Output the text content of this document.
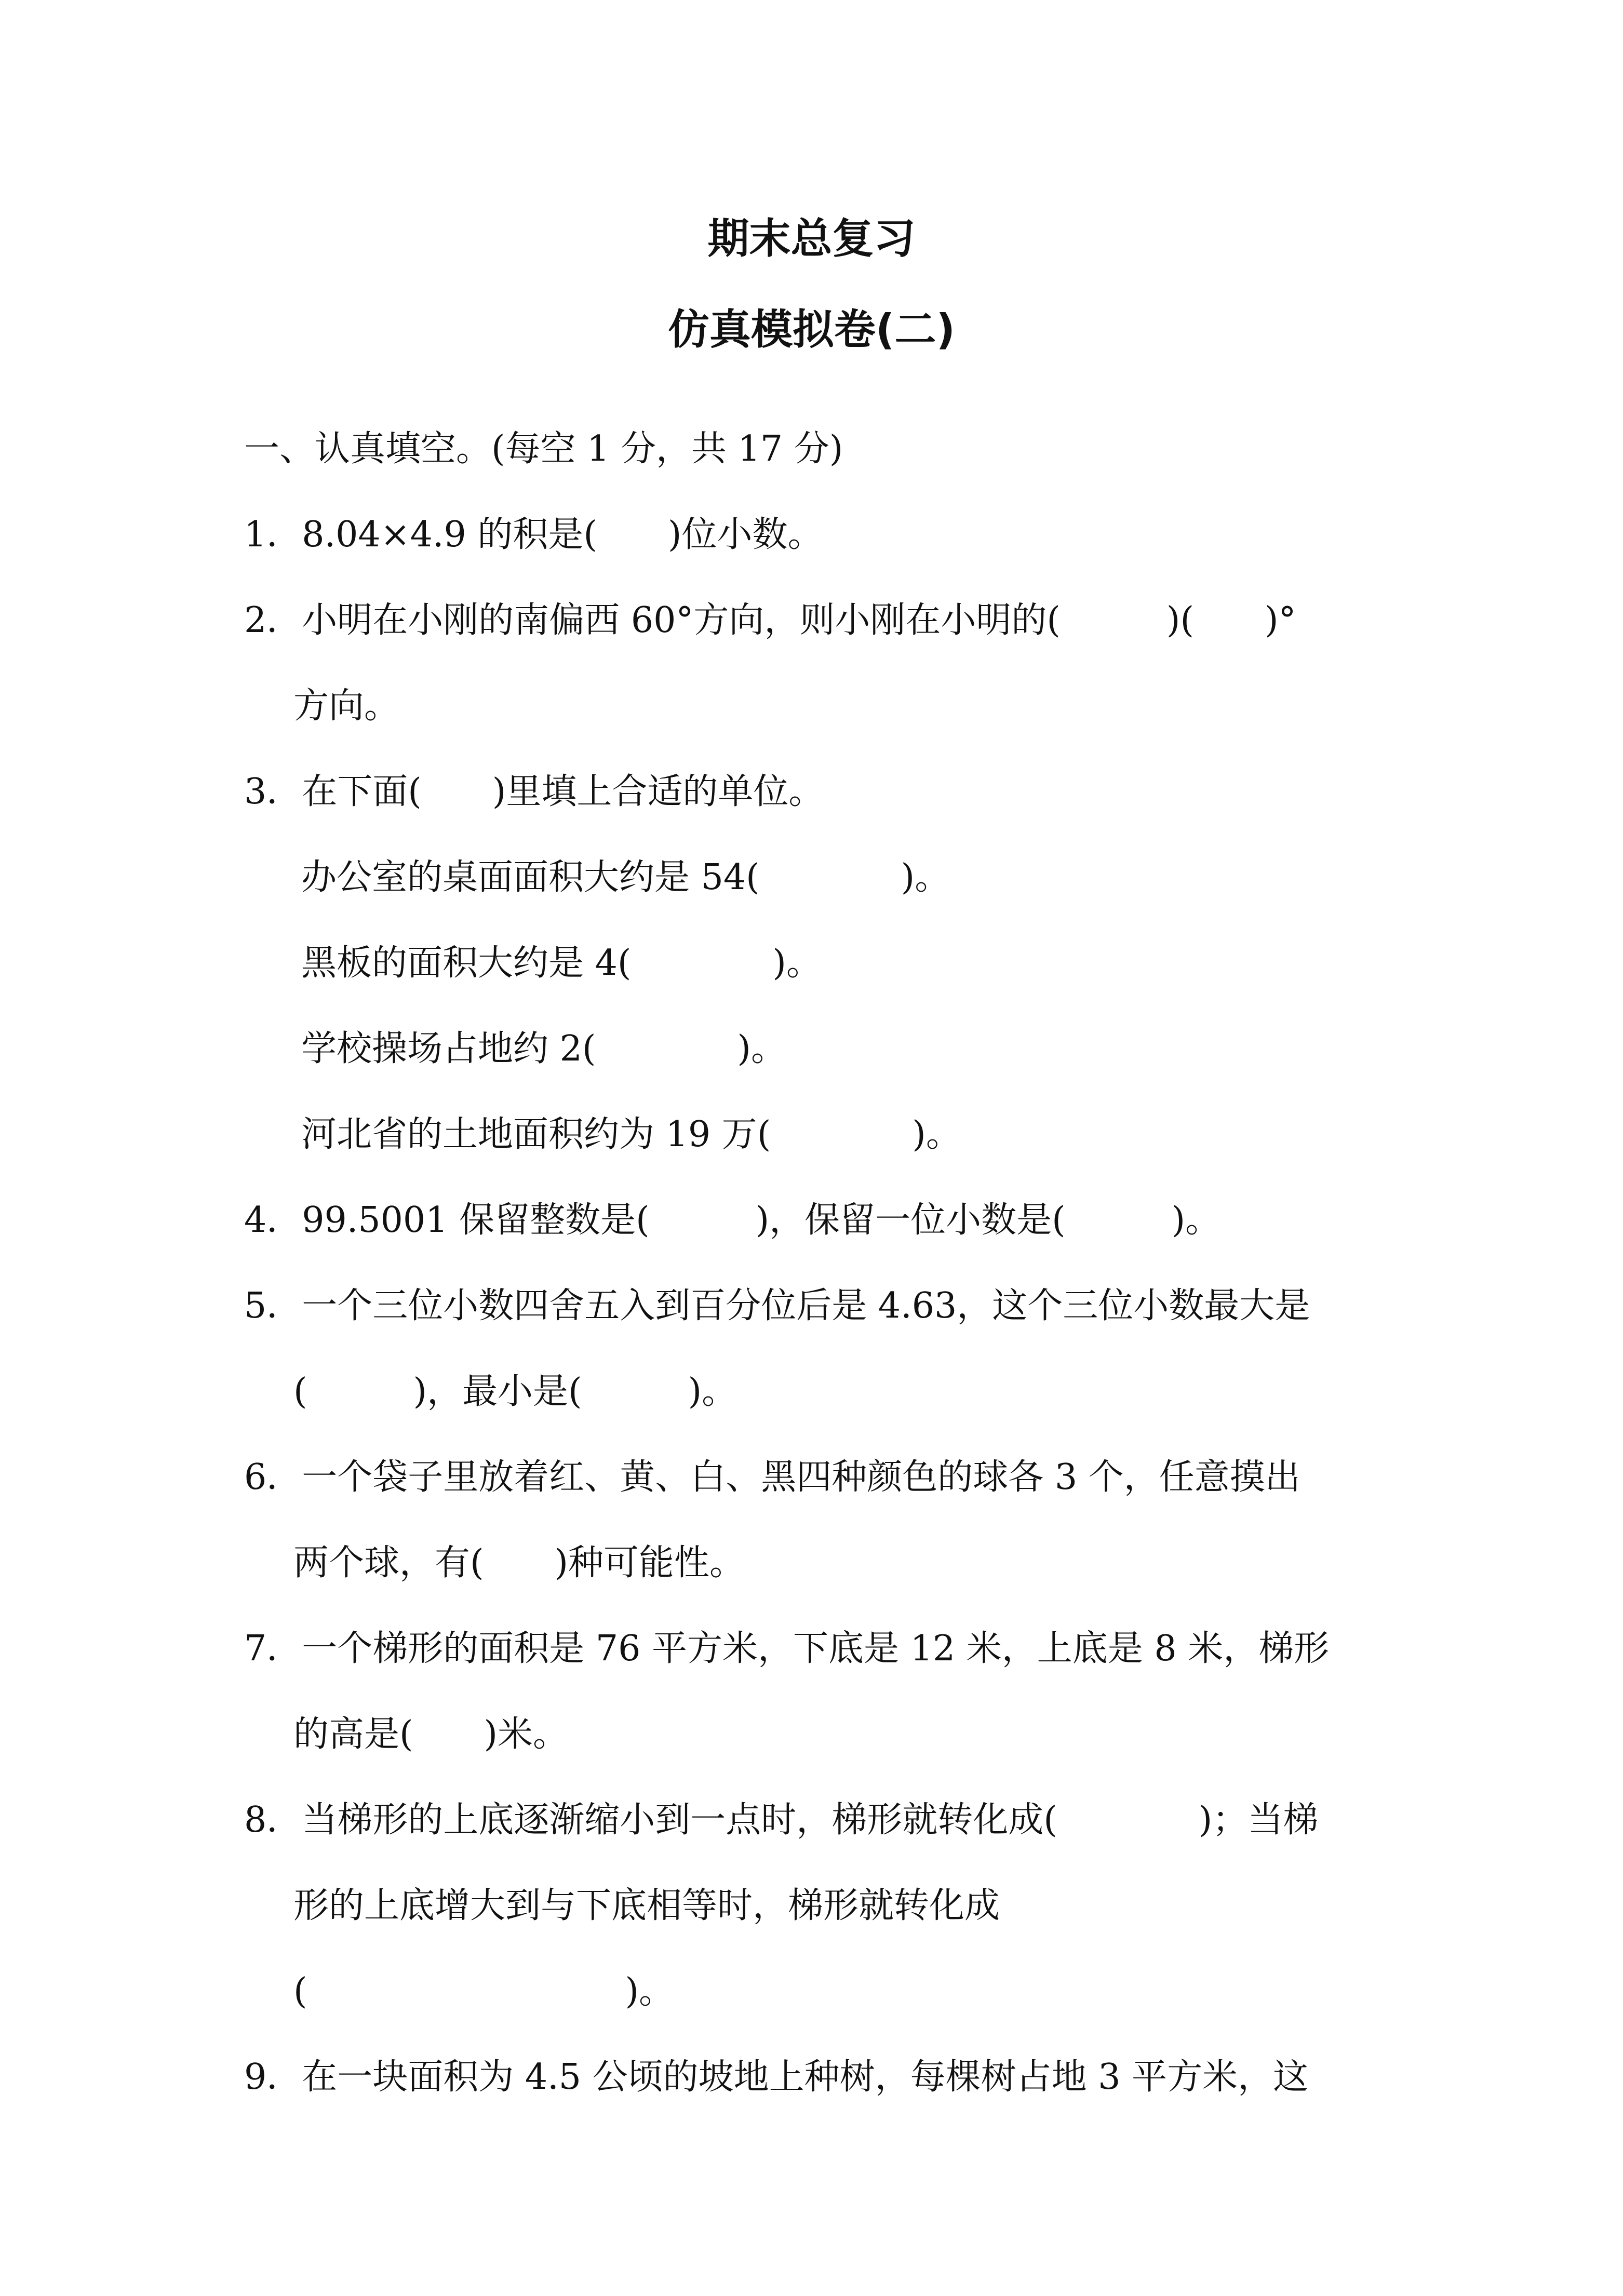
期末总复习
仿真模拟卷(二)
一、认真填空。(每空 1 分，共 17 分)
1．8.04×4.9 的积是(　　)位小数。
2．小明在小刚的南偏西 60°方向，则小刚在小明的(　　　)(　　)°
方向。
3．在下面(　　)里填上合适的单位。
办公室的桌面面积大约是 54(　　　　)。
黑板的面积大约是 4(　　　　)。
学校操场占地约 2(　　　　)。
河北省的土地面积约为 19 万(　　　　)。
4．99.5001 保留整数是(　　　)，保留一位小数是(　　　)。
5．一个三位小数四舍五入到百分位后是 4.63，这个三位小数最大是
(　　　)，最小是(　　　)。
6．一个袋子里放着红、黄、白、黑四种颜色的球各 3 个，任意摸出
两个球，有(　　)种可能性。
7．一个梯形的面积是 76 平方米，下底是 12 米，上底是 8 米，梯形
的高是(　　)米。
8．当梯形的上底逐渐缩小到一点时，梯形就转化成(　　　　)；当梯
形的上底增大到与下底相等时，梯形就转化成
(　　　　　　　　　)。
9．在一块面积为 4.5 公顷的坡地上种树，每棵树占地 3 平方米，这
